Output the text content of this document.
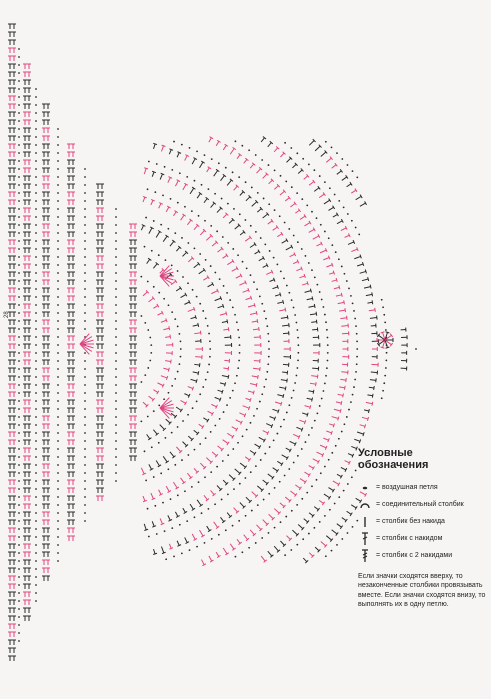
28
Условные обозначения
= воздушная петля
= соединительный столбик
= столбик без накида
= столбик с накидом
= столбик с 2 накидами
Если значки сходятся вверху, то незаконченные столбики провязывать вместе. Если значки сходятся внизу, то выполнять их в одну петлю.
